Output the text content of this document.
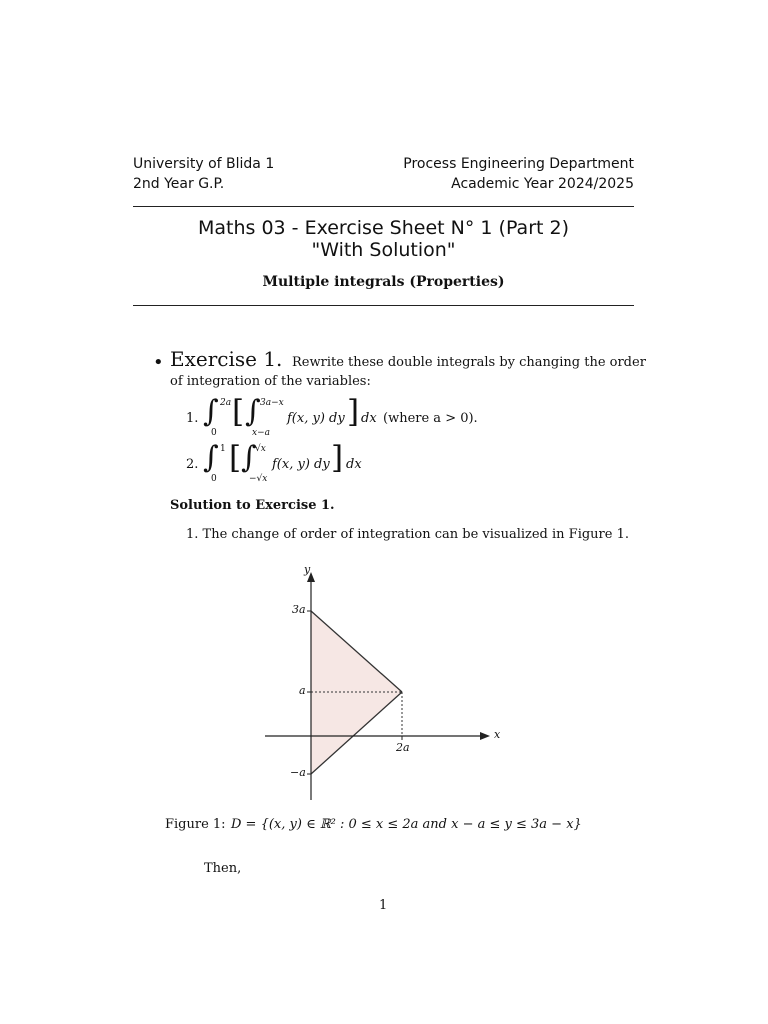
University of Blida 1
2nd Year G.P.
Process Engineering Department
Academic Year 2024/2025
Maths 03 - Exercise Sheet N° 1 (Part 2)
"With Solution"
Multiple integrals (Properties)
• Exercise 1. Rewrite these double integrals by changing the order
of integration of the variables:
1. ∫ 2a
0
[ ∫ 3a−x
x−a
f(x, y) dy ] dx (where a > 0).
2. ∫ 1
0
[ ∫
√x
−√x
f(x, y) dy ] dx
Solution to Exercise 1.
1. The change of order of integration can be visualized in Figure 1.
y
x
3a
a
−a
2a
Figure 1: D = {(x, y) ∈ ℝ² : 0 ≤ x ≤ 2a and x − a ≤ y ≤ 3a − x}
Then,
1
